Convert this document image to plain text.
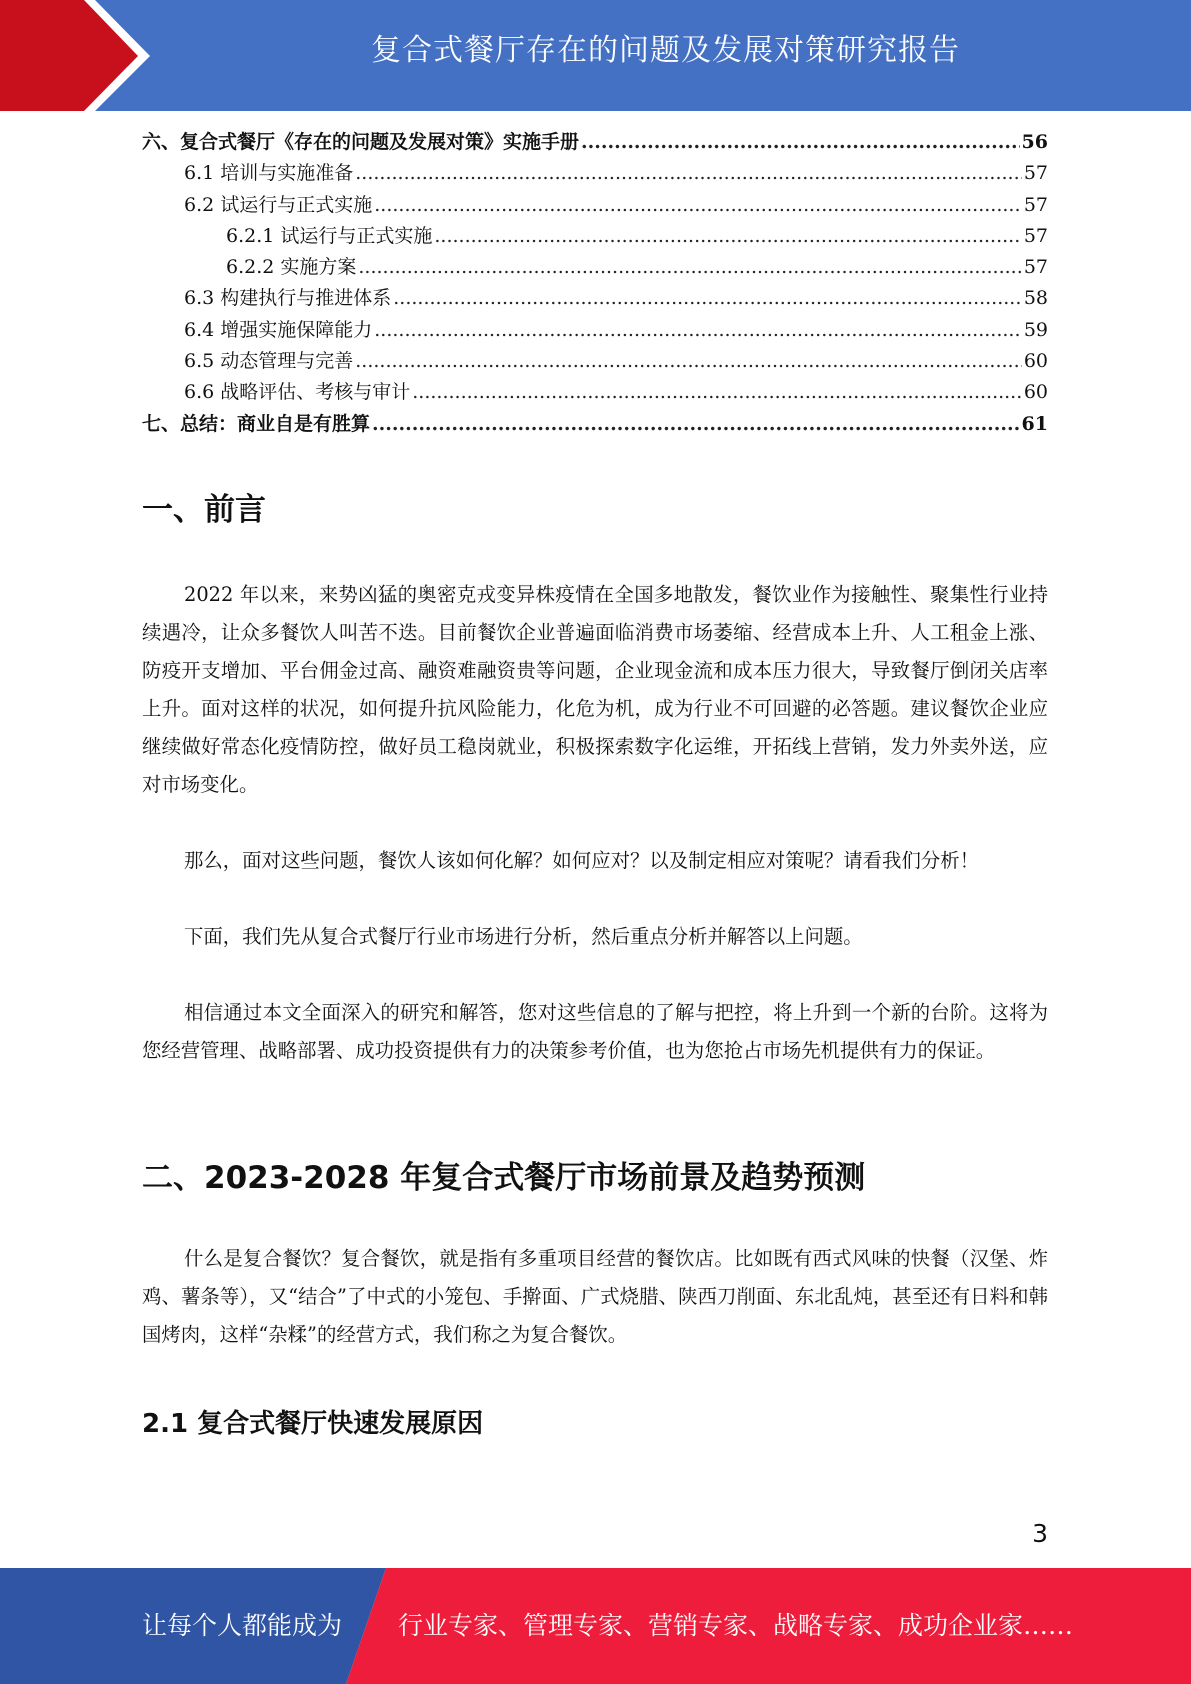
复合式餐厅存在的问题及发展对策研究报告
六、复合式餐厅《存在的问题及发展对策》实施手册 .....	56
6.1 培训与实施准备 .....	57
6.2 试运行与正式实施 .....	57
6.2.1 试运行与正式实施 .....	57
6.2.2 实施方案 .....	57
6.3 构建执行与推进体系 .....	58
6.4 增强实施保障能力 .....	59
6.5 动态管理与完善 .....	60
6.6 战略评估、考核与审计 .....	60
七、总结：商业自是有胜算 .....	61
一、前言

2022 年以来，来势凶猛的奥密克戎变异株疫情在全国多地散发，餐饮业作为接触性、聚集性行业持续遇冷，让众多餐饮人叫苦不迭。目前餐饮企业普遍面临消费市场萎缩、经营成本上升、人工租金上涨、防疫开支增加、平台佣金过高、融资难融资贵等问题，企业现金流和成本压力很大，导致餐厅倒闭关店率上升。面对这样的状况，如何提升抗风险能力，化危为机，成为行业不可回避的必答题。建议餐饮企业应继续做好常态化疫情防控，做好员工稳岗就业，积极探索数字化运维，开拓线上营销，发力外卖外送，应对市场变化。

那么，面对这些问题，餐饮人该如何化解？如何应对？以及制定相应对策呢？请看我们分析！

下面，我们先从复合式餐厅行业市场进行分析，然后重点分析并解答以上问题。

相信通过本文全面深入的研究和解答，您对这些信息的了解与把控，将上升到一个新的台阶。这将为您经营管理、战略部署、成功投资提供有力的决策参考价值，也为您抢占市场先机提供有力的保证。

二、2023-2028 年复合式餐厅市场前景及趋势预测

什么是复合餐饮？复合餐饮，就是指有多重项目经营的餐饮店。比如既有西式风味的快餐（汉堡、炸鸡、薯条等），又“结合”了中式的小笼包、手擀面、广式烧腊、陕西刀削面、东北乱炖，甚至还有日料和韩国烤肉，这样“杂糅”的经营方式，我们称之为复合餐饮。

2.1 复合式餐厅快速发展原因
3
让每个人都能成为 行业专家、管理专家、营销专家、战略专家、成功企业家……
